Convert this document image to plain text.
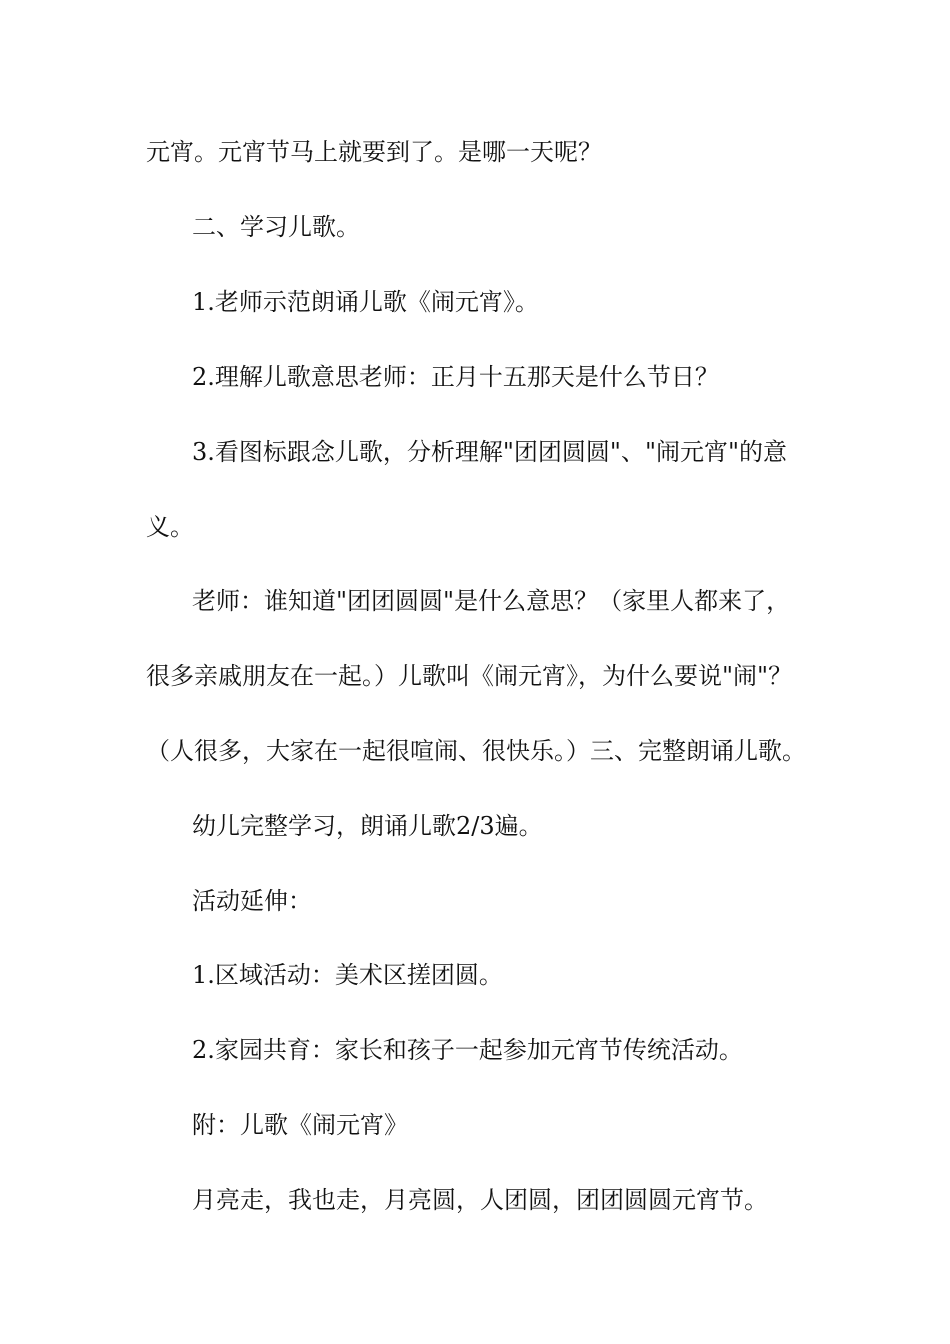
元宵。元宵节马上就要到了。是哪一天呢？
二、学习儿歌。
1.老师示范朗诵儿歌《闹元宵》。
2.理解儿歌意思老师：正月十五那天是什么节日？
3.看图标跟念儿歌，分析理解"团团圆圆"、"闹元宵"的意
义。
老师：谁知道"团团圆圆"是什么意思？（家里人都来了，
很多亲戚朋友在一起。）儿歌叫《闹元宵》，为什么要说"闹"？
（人很多，大家在一起很喧闹、很快乐。）三、完整朗诵儿歌。
幼儿完整学习，朗诵儿歌2/3遍。
活动延伸：
1.区域活动：美术区搓团圆。
2.家园共育：家长和孩子一起参加元宵节传统活动。
附：儿歌《闹元宵》
月亮走，我也走，月亮圆，人团圆，团团圆圆元宵节。
